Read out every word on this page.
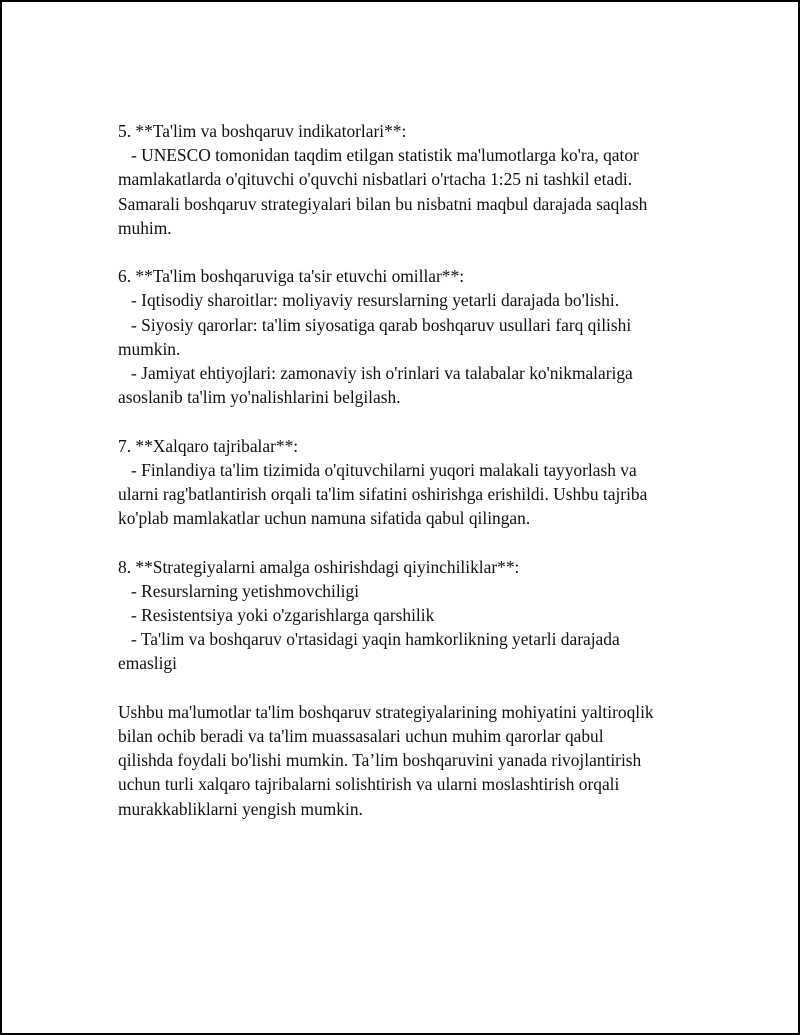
5. **Ta'lim va boshqaruv indikatorlari**:
- UNESCO tomonidan taqdim etilgan statistik ma'lumotlarga ko'ra, qator
mamlakatlarda o'qituvchi o'quvchi nisbatlari o'rtacha 1:25 ni tashkil etadi.
Samarali boshqaruv strategiyalari bilan bu nisbatni maqbul darajada saqlash
muhim.
6. **Ta'lim boshqaruviga ta'sir etuvchi omillar**:
- Iqtisodiy sharoitlar: moliyaviy resurslarning yetarli darajada bo'lishi.
- Siyosiy qarorlar: ta'lim siyosatiga qarab boshqaruv usullari farq qilishi
mumkin.
- Jamiyat ehtiyojlari: zamonaviy ish o'rinlari va talabalar ko'nikmalariga
asoslanib ta'lim yo'nalishlarini belgilash.
7. **Xalqaro tajribalar**:
- Finlandiya ta'lim tizimida o'qituvchilarni yuqori malakali tayyorlash va
ularni rag'batlantirish orqali ta'lim sifatini oshirishga erishildi. Ushbu tajriba
ko'plab mamlakatlar uchun namuna sifatida qabul qilingan.
8. **Strategiyalarni amalga oshirishdagi qiyinchiliklar**:
- Resurslarning yetishmovchiligi
- Resistentsiya yoki o'zgarishlarga qarshilik
- Ta'lim va boshqaruv o'rtasidagi yaqin hamkorlikning yetarli darajada
emasligi
Ushbu ma'lumotlar ta'lim boshqaruv strategiyalarining mohiyatini yaltiroqlik
bilan ochib beradi va ta'lim muassasalari uchun muhim qarorlar qabul
qilishda foydali bo'lishi mumkin. Ta’lim boshqaruvini yanada rivojlantirish
uchun turli xalqaro tajribalarni solishtirish va ularni moslashtirish orqali
murakkabliklarni yengish mumkin.
